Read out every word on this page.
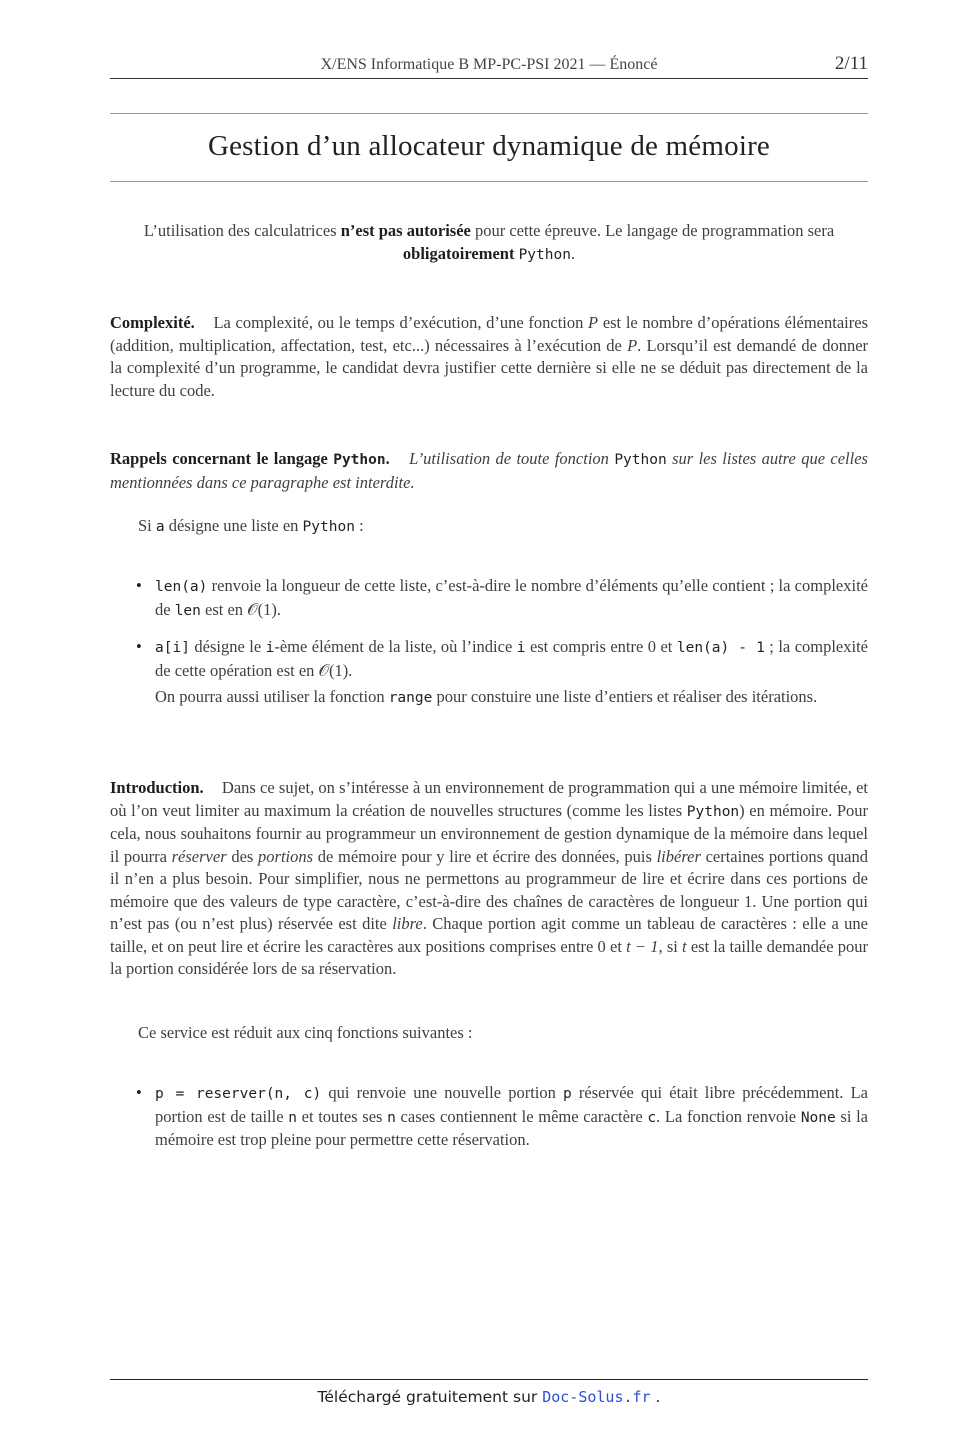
X/ENS Informatique B MP-PC-PSI 2021 — Énoncé	2/11
Gestion d’un allocateur dynamique de mémoire
L’utilisation des calculatrices n’est pas autorisée pour cette épreuve. Le langage de programmation sera obligatoirement Python.
Complexité. La complexité, ou le temps d’exécution, d’une fonction P est le nombre d’opérations élémentaires (addition, multiplication, affectation, test, etc...) nécessaires à l’exécution de P. Lorsqu’il est demandé de donner la complexité d’un programme, le candidat devra justifier cette dernière si elle ne se déduit pas directement de la lecture du code.
Rappels concernant le langage Python. L’utilisation de toute fonction Python sur les listes autre que celles mentionnées dans ce paragraphe est interdite.
Si a désigne une liste en Python :
• len(a) renvoie la longueur de cette liste, c’est-à-dire le nombre d’éléments qu’elle contient ; la complexité de len est en 𝒪(1).
• a[i] désigne le i-ème élément de la liste, où l’indice i est compris entre 0 et len(a) - 1 ; la complexité de cette opération est en 𝒪(1).
On pourra aussi utiliser la fonction range pour constuire une liste d’entiers et réaliser des itérations.
Introduction. Dans ce sujet, on s’intéresse à un environnement de programmation qui a une mémoire limitée, et où l’on veut limiter au maximum la création de nouvelles structures (comme les listes Python) en mémoire. Pour cela, nous souhaitons fournir au programmeur un environnement de gestion dynamique de la mémoire dans lequel il pourra réserver des portions de mémoire pour y lire et écrire des données, puis libérer certaines portions quand il n’en a plus besoin. Pour simplifier, nous ne permettons au programmeur de lire et écrire dans ces portions de mémoire que des valeurs de type caractère, c’est-à-dire des chaînes de caractères de longueur 1. Une portion qui n’est pas (ou n’est plus) réservée est dite libre. Chaque portion agit comme un tableau de caractères : elle a une taille, et on peut lire et écrire les caractères aux positions comprises entre 0 et t − 1, si t est la taille demandée pour la portion considérée lors de sa réservation.
Ce service est réduit aux cinq fonctions suivantes :
• p = reserver(n, c) qui renvoie une nouvelle portion p réservée qui était libre précédemment. La portion est de taille n et toutes ses n cases contiennent le même caractère c. La fonction renvoie None si la mémoire est trop pleine pour permettre cette réservation.
Téléchargé gratuitement sur Doc-Solus.fr .
